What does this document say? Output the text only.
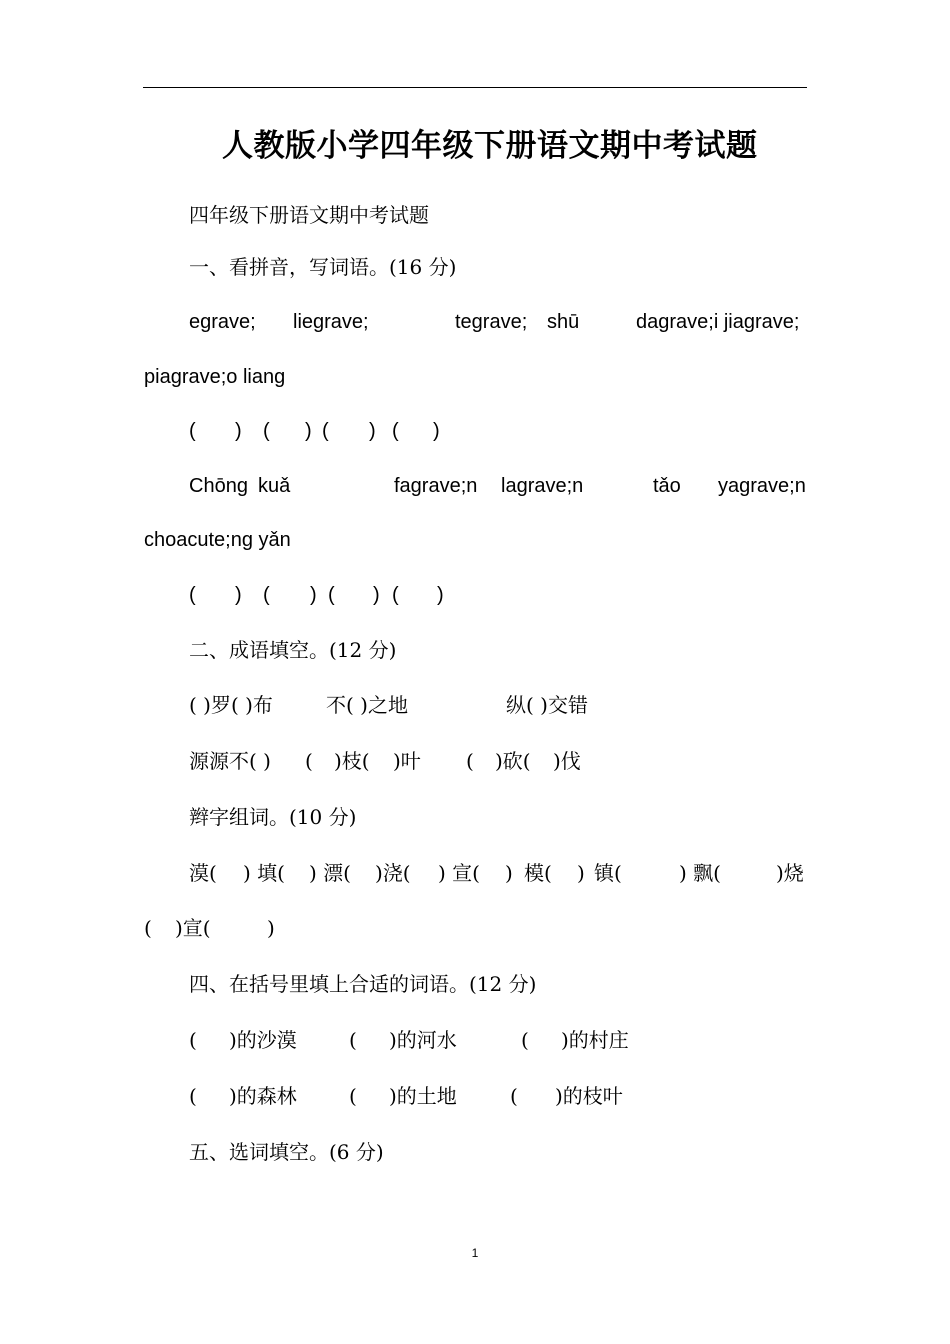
人教版小学四年级下册语文期中考试题
四年级下册语文期中考试题
一、看拼音，写词语。(16 分)
egrave; liegrave;	tegrave; shū	dagrave;i jiagrave;
piagrave;o liang
( ) ( ) ( ) ( )
Chōng kuǎ	fagrave;n lagrave;n	tǎo yagrave;n
choacute;ng yǎn
( ) ( ) ( ) ( )
二、成语填空。(12 分)
( )罗( )布	不( )之地	纵( )交错
源源不( ) ( )枝( )叶 ( )砍( )伐
辫字组词。(10 分)
漠( ) 填( ) 漂( )浇( ) 宣( ) 模( ) 镇(	) 飘(	)烧
( )宣(	)
四、在括号里填上合适的词语。(12 分)
( )的沙漠	( )的河水	( )的村庄
( )的森林	( )的土地	( )的枝叶
五、选词填空。(6 分)
1
